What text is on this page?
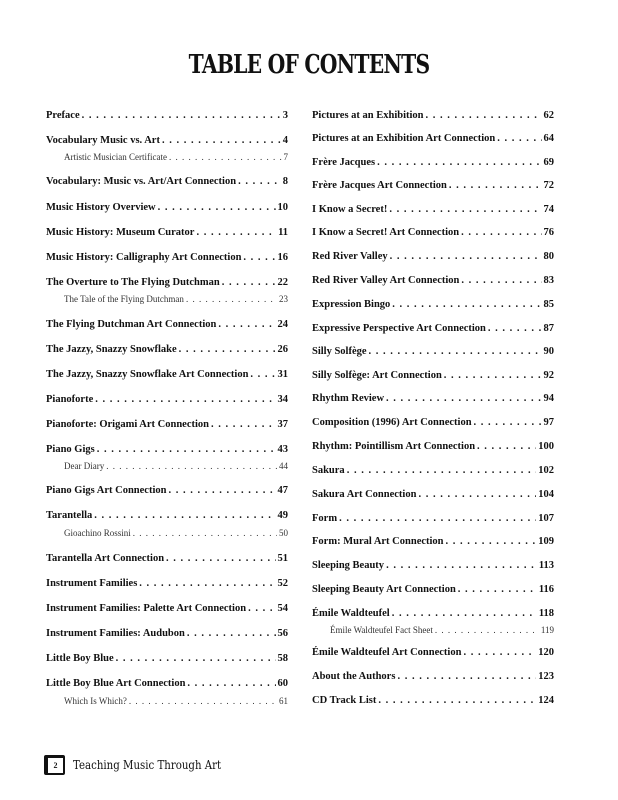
TABLE OF CONTENTS
Preface . . .	3
Vocabulary Music vs. Art . . .	4
Artistic Musician Certificate . . .	7
Vocabulary: Music vs. Art/Art Connection . . .	8
Music History Overview . . .	10
Music History: Museum Curator . . .	11
Music History: Calligraphy Art Connection . . .	16
The Overture to The Flying Dutchman . . .	22
The Tale of the Flying Dutchman . . .	23
The Flying Dutchman Art Connection . . .	24
The Jazzy, Snazzy Snowflake . . .	26
The Jazzy, Snazzy Snowflake Art Connection . . .	31
Pianoforte . . .	34
Pianoforte: Origami Art Connection . . .	37
Piano Gigs . . .	43
Dear Diary . . .	44
Piano Gigs Art Connection . . .	47
Tarantella . . .	49
Gioachino Rossini . . .	50
Tarantella Art Connection . . .	51
Instrument Families . . .	52
Instrument Families: Palette Art Connection . . .	54
Instrument Families: Audubon . . .	56
Little Boy Blue . . .	58
Little Boy Blue Art Connection . . .	60
Which Is Which? . . .	61
Pictures at an Exhibition . . .	62
Pictures at an Exhibition Art Connection . . .	64
Frère Jacques . . .	69
Frère Jacques Art Connection . . .	72
I Know a Secret! . . .	74
I Know a Secret! Art Connection . . .	76
Red River Valley . . .	80
Red River Valley Art Connection . . .	83
Expression Bingo . . .	85
Expressive Perspective Art Connection . . .	87
Silly Solfège . . .	90
Silly Solfège: Art Connection . . .	92
Rhythm Review . . .	94
Composition (1996) Art Connection . . .	97
Rhythm: Pointillism Art Connection . . .	100
Sakura . . .	102
Sakura Art Connection . . .	104
Form . . .	107
Form: Mural Art Connection . . .	109
Sleeping Beauty . . .	113
Sleeping Beauty Art Connection . . .	116
Émile Waldteufel . . .	118
Émile Waldteufel Fact Sheet . . .	119
Émile Waldteufel Art Connection . . .	120
About the Authors . . .	123
CD Track List . . .	124
2	Teaching Music Through Art
